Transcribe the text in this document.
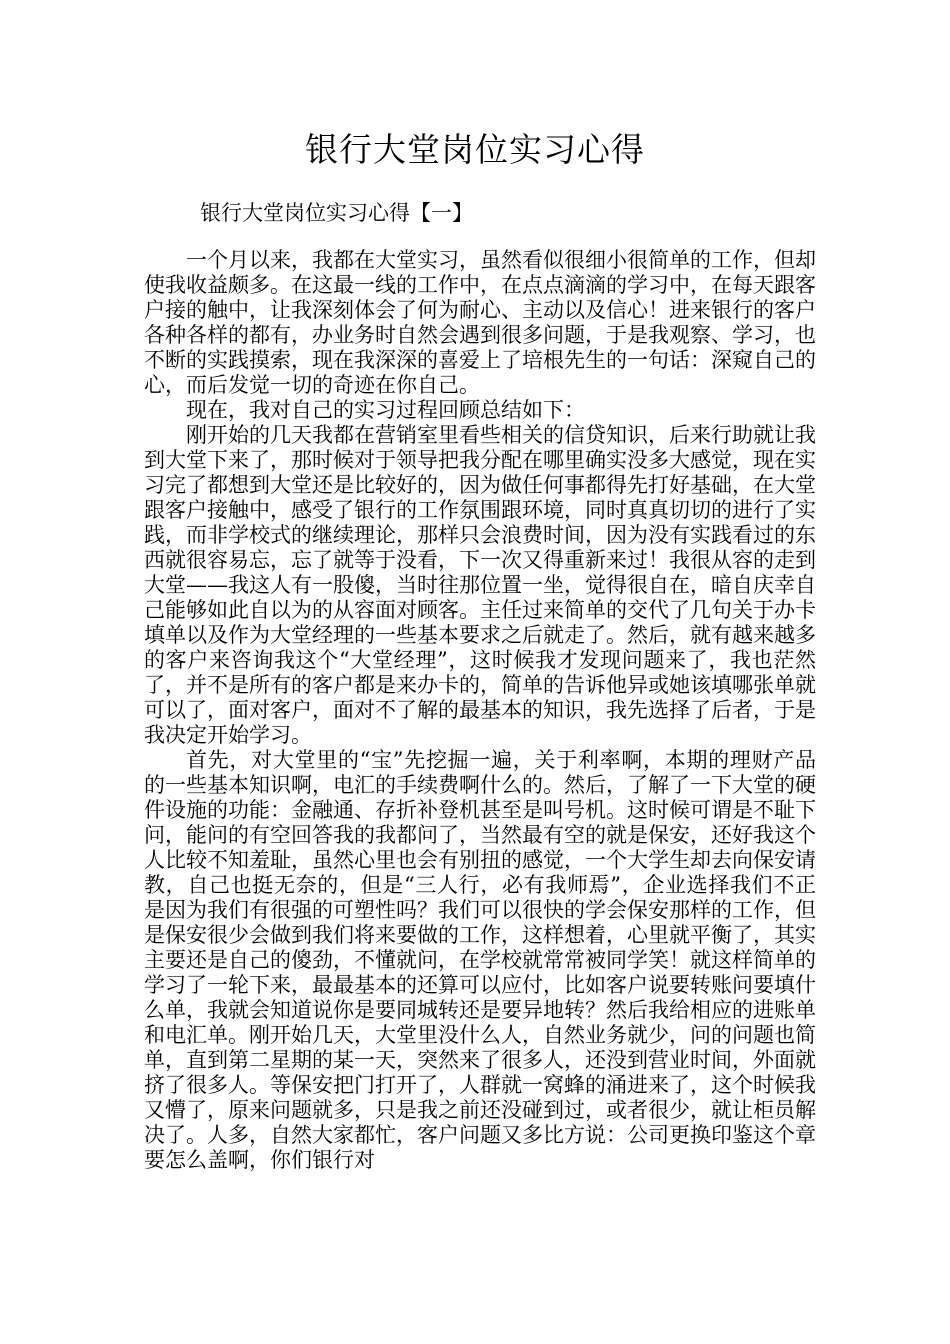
银行大堂岗位实习心得
银行大堂岗位实习心得【一】

一个月以来，我都在大堂实习，虽然看似很细小很简单的工作，但却使我收益颇多。在这最一线的工作中，在点点滴滴的学习中，在每天跟客户接的触中，让我深刻体会了何为耐心、主动以及信心！进来银行的客户各种各样的都有，办业务时自然会遇到很多问题，于是我观察、学习，也不断的实践摸索，现在我深深的喜爱上了培根先生的一句话：深窥自己的心，而后发觉一切的奇迹在你自己。

现在，我对自己的实习过程回顾总结如下：

刚开始的几天我都在营销室里看些相关的信贷知识，后来行助就让我到大堂下来了，那时候对于领导把我分配在哪里确实没多大感觉，现在实习完了都想到大堂还是比较好的，因为做任何事都得先打好基础，在大堂跟客户接触中，感受了银行的工作氛围跟环境，同时真真切切的进行了实践，而非学校式的继续理论，那样只会浪费时间，因为没有实践看过的东西就很容易忘，忘了就等于没看，下一次又得重新来过！我很从容的走到大堂——我这人有一股傻，当时往那位置一坐，觉得很自在，暗自庆幸自己能够如此自以为的从容面对顾客。主任过来简单的交代了几句关于办卡填单以及作为大堂经理的一些基本要求之后就走了。然后，就有越来越多的客户来咨询我这个“大堂经理”，这时候我才发现问题来了，我也茫然了，并不是所有的客户都是来办卡的，简单的告诉他异或她该填哪张单就可以了，面对客户，面对不了解的最基本的知识，我先选择了后者，于是我决定开始学习。

首先，对大堂里的“宝”先挖掘一遍，关于利率啊，本期的理财产品的一些基本知识啊，电汇的手续费啊什么的。然后，了解了一下大堂的硬件设施的功能：金融通、存折补登机甚至是叫号机。这时候可谓是不耻下问，能问的有空回答我的我都问了，当然最有空的就是保安，还好我这个人比较不知羞耻，虽然心里也会有别扭的感觉，一个大学生却去向保安请教，自己也挺无奈的，但是“三人行，必有我师焉”，企业选择我们不正是因为我们有很强的可塑性吗？我们可以很快的学会保安那样的工作，但是保安很少会做到我们将来要做的工作，这样想着，心里就平衡了，其实主要还是自己的傻劲，不懂就问，在学校就常常被同学笑！就这样简单的学习了一轮下来，最最基本的还算可以应付，比如客户说要转账问要填什么单，我就会知道说你是要同城转还是要异地转？然后我给相应的进账单和电汇单。刚开始几天，大堂里没什么人，自然业务就少，问的问题也简单，直到第二星期的某一天，突然来了很多人，还没到营业时间，外面就挤了很多人。等保安把门打开了，人群就一窝蜂的涌进来了，这个时候我又懵了，原来问题就多，只是我之前还没碰到过，或者很少，就让柜员解决了。人多，自然大家都忙，客户问题又多比方说：公司更换印鉴这个章要怎么盖啊，你们银行对
